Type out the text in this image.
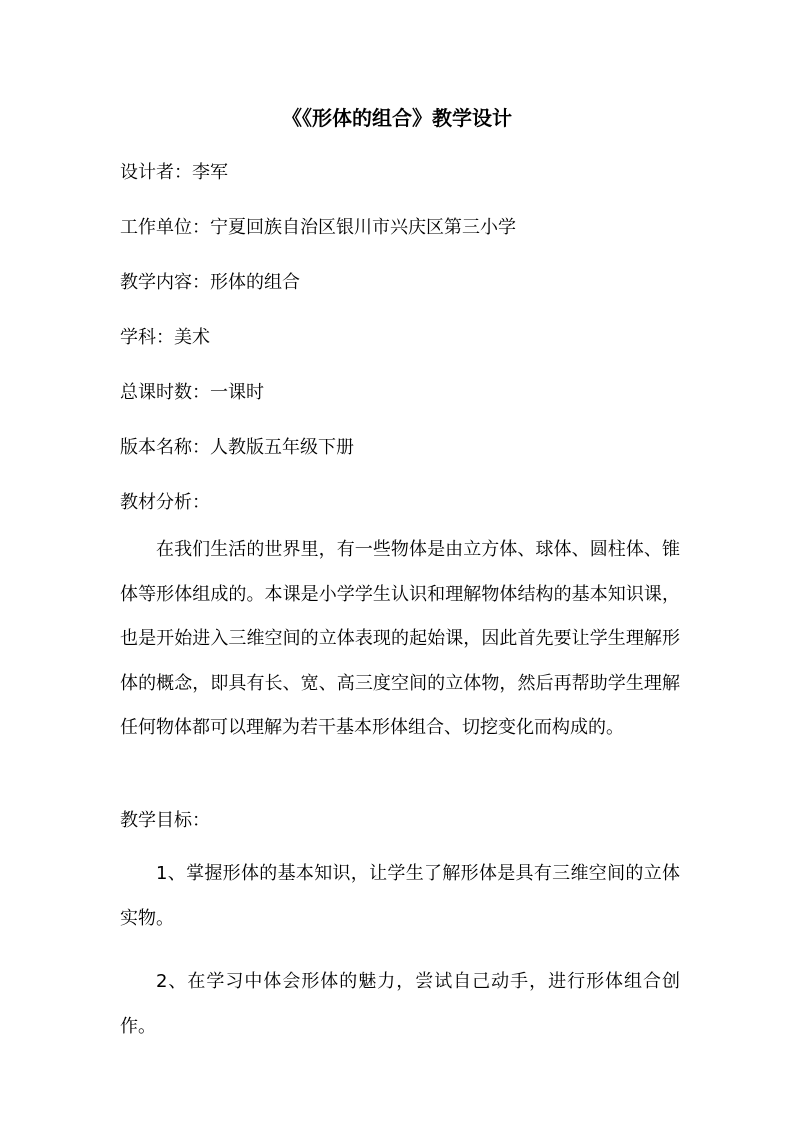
《《形体的组合》教学设计
设计者：李军
工作单位：宁夏回族自治区银川市兴庆区第三小学
教学内容：形体的组合
学科：美术
总课时数：一课时
版本名称：人教版五年级下册
教材分析：
在我们生活的世界里，有一些物体是由立方体、球体、圆柱体、锥体等形体组成的。本课是小学学生认识和理解物体结构的基本知识课，也是开始进入三维空间的立体表现的起始课，因此首先要让学生理解形体的概念，即具有长、宽、高三度空间的立体物，然后再帮助学生理解任何物体都可以理解为若干基本形体组合、切挖变化而构成的。
教学目标：
1、掌握形体的基本知识，让学生了解形体是具有三维空间的立体实物。
2、在学习中体会形体的魅力，尝试自己动手，进行形体组合创作。
